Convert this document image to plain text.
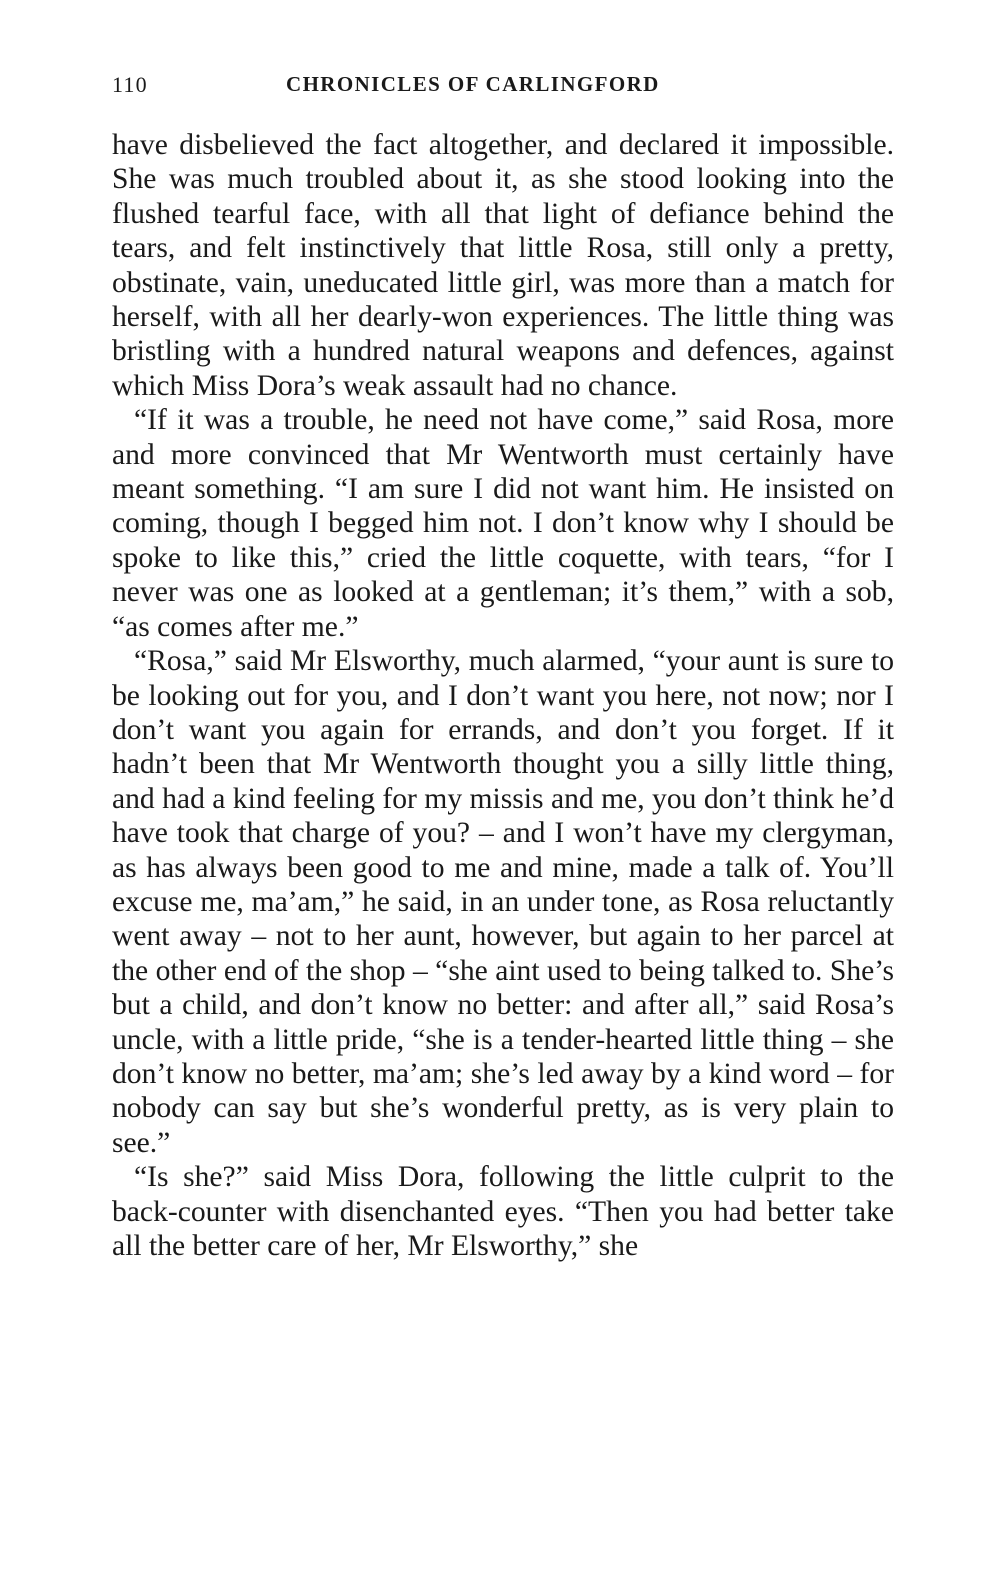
110	CHRONICLES OF CARLINGFORD

have disbelieved the fact altogether, and declared it impossible. She was much troubled about it, as she stood looking into the flushed tearful face, with all that light of defiance behind the tears, and felt instinctively that little Rosa, still only a pretty, obstinate, vain, uneducated little girl, was more than a match for herself, with all her dearly-won experiences. The little thing was bristling with a hundred natural weapons and defences, against which Miss Dora’s weak assault had no chance.

“If it was a trouble, he need not have come,” said Rosa, more and more convinced that Mr Wentworth must certainly have meant something. “I am sure I did not want him. He insisted on coming, though I begged him not. I don’t know why I should be spoke to like this,” cried the little coquette, with tears, “for I never was one as looked at a gentleman; it’s them,” with a sob, “as comes after me.”

“Rosa,” said Mr Elsworthy, much alarmed, “your aunt is sure to be looking out for you, and I don’t want you here, not now; nor I don’t want you again for errands, and don’t you forget. If it hadn’t been that Mr Wentworth thought you a silly little thing, and had a kind feeling for my missis and me, you don’t think he’d have took that charge of you? – and I won’t have my clergyman, as has always been good to me and mine, made a talk of. You’ll excuse me, ma’am,” he said, in an under tone, as Rosa reluctantly went away – not to her aunt, however, but again to her parcel at the other end of the shop – “she aint used to being talked to. She’s but a child, and don’t know no better: and after all,” said Rosa’s uncle, with a little pride, “she is a tender-hearted little thing – she don’t know no better, ma’am; she’s led away by a kind word – for nobody can say but she’s wonderful pretty, as is very plain to see.”

“Is she?” said Miss Dora, following the little culprit to the back-counter with disenchanted eyes. “Then you had better take all the better care of her, Mr Elsworthy,” she
